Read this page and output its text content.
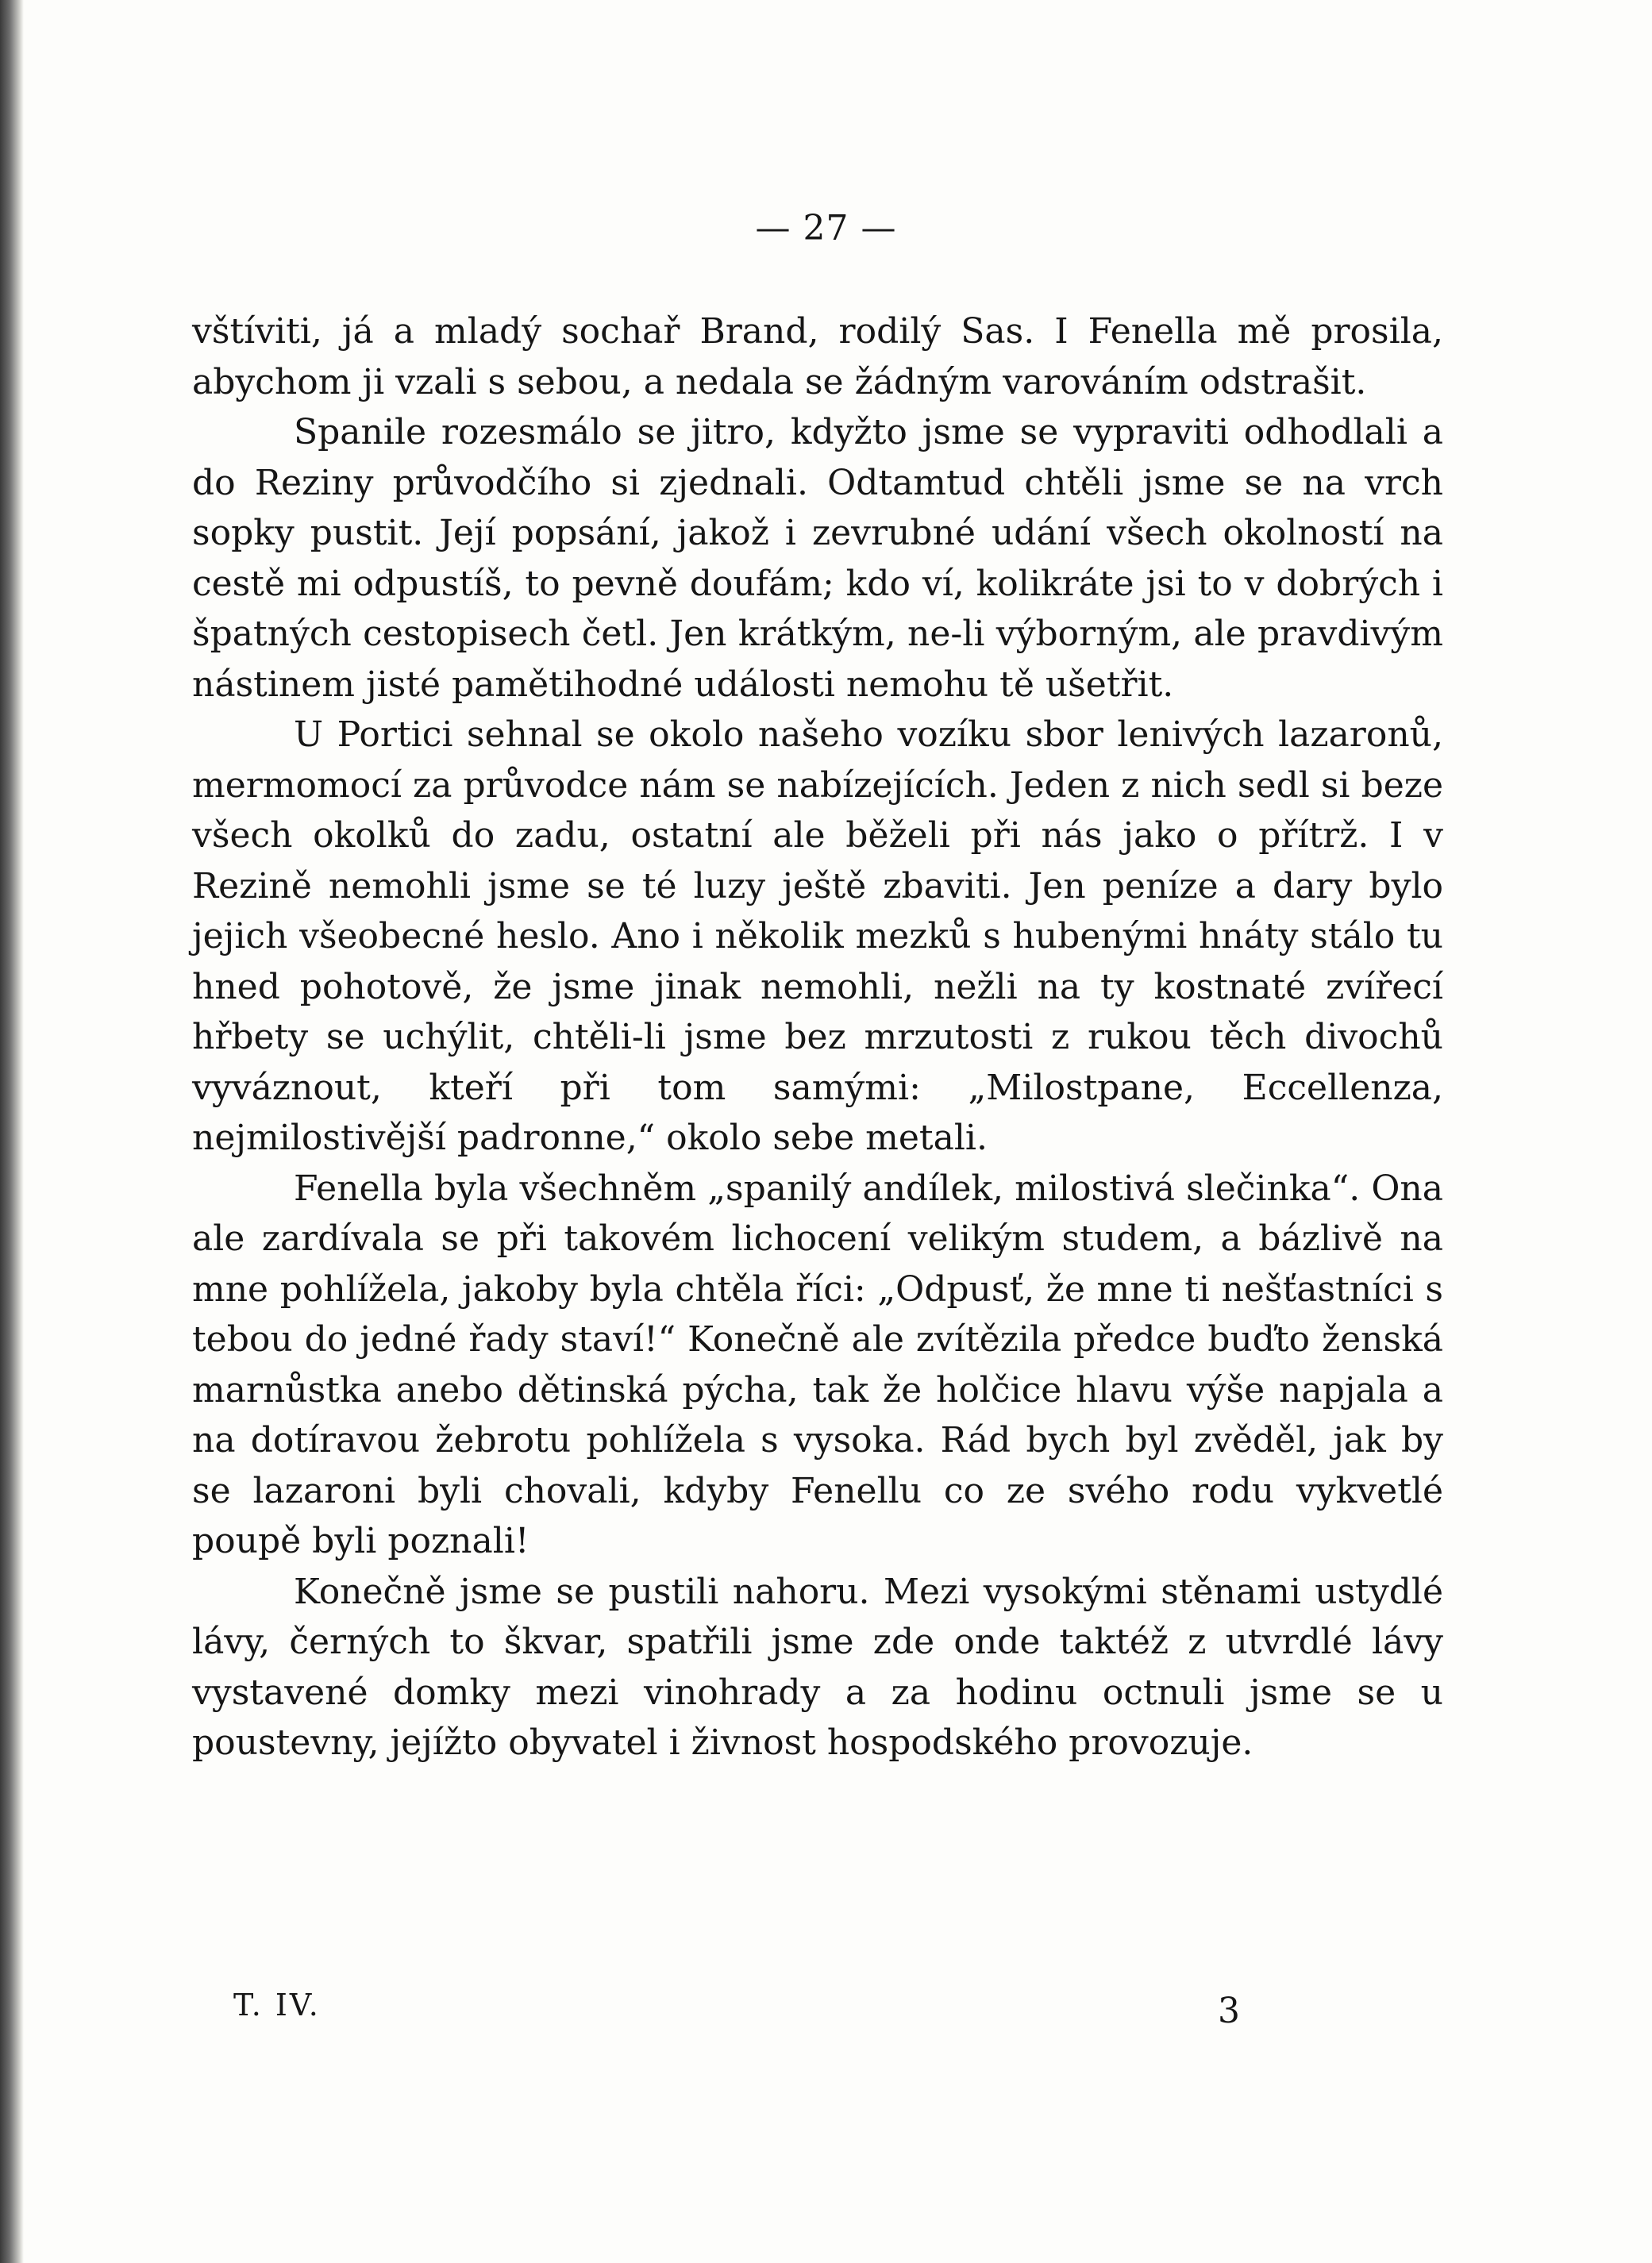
— 27 —

vštíviti, já a mladý sochař Brand, rodilý Sas. I Fenella mě prosila, abychom ji vzali s sebou, a nedala se žádným varováním odstrašit.

Spanile rozesmálo se jitro, kdyžto jsme se vypraviti odhodlali a do Reziny průvodčího si zjednali. Odtamtud chtěli jsme se na vrch sopky pustit. Její popsání, jakož i zevrubné udání všech okolností na cestě mi odpustíš, to pevně doufám; kdo ví, kolikráte jsi to v dobrých i špatných cestopisech četl. Jen krátkým, ne-li výborným, ale pravdivým nástinem jisté pamětihodné události nemohu tě ušetřit.

U Portici sehnal se okolo našeho vozíku sbor lenivých lazaronů, mermomocí za průvodce nám se nabízejících. Jeden z nich sedl si beze všech okolků do zadu, ostatní ale běželi při nás jako o přítrž. I v Rezině nemohli jsme se té luzy ještě zbaviti. Jen peníze a dary bylo jejich všeobecné heslo. Ano i několik mezků s hubenými hnáty stálo tu hned pohotově, že jsme jinak nemohli, nežli na ty kostnaté zvířecí hřbety se uchýlit, chtěli-li jsme bez mrzutosti z rukou těch divochů vyváznout, kteří při tom samými: „Milostpane, Eccellenza, nejmilostivější padronne,“ okolo sebe metali.

Fenella byla všechněm „spanilý andílek, milostivá slečinka“. Ona ale zardívala se při takovém lichocení velikým studem, a bázlivě na mne pohlížela, jakoby byla chtěla říci: „Odpusť, že mne ti nešťastníci s tebou do jedné řady staví!“ Konečně ale zvítězila předce buďto ženská marnůstka anebo dětinská pýcha, tak že holčice hlavu výše napjala a na dotíravou žebrotu pohlížela s vysoka. Rád bych byl zvěděl, jak by se lazaroni byli chovali, kdyby Fenellu co ze svého rodu vykvetlé poupě byli poznali!

Konečně jsme se pustili nahoru. Mezi vysokými stěnami ustydlé lávy, černých to škvar, spatřili jsme zde onde taktéž z utvrdlé lávy vystavené domky mezi vinohrady a za hodinu octnuli jsme se u poustevny, jejížto obyvatel i živnost hospodského provozuje.

T. IV.	3
